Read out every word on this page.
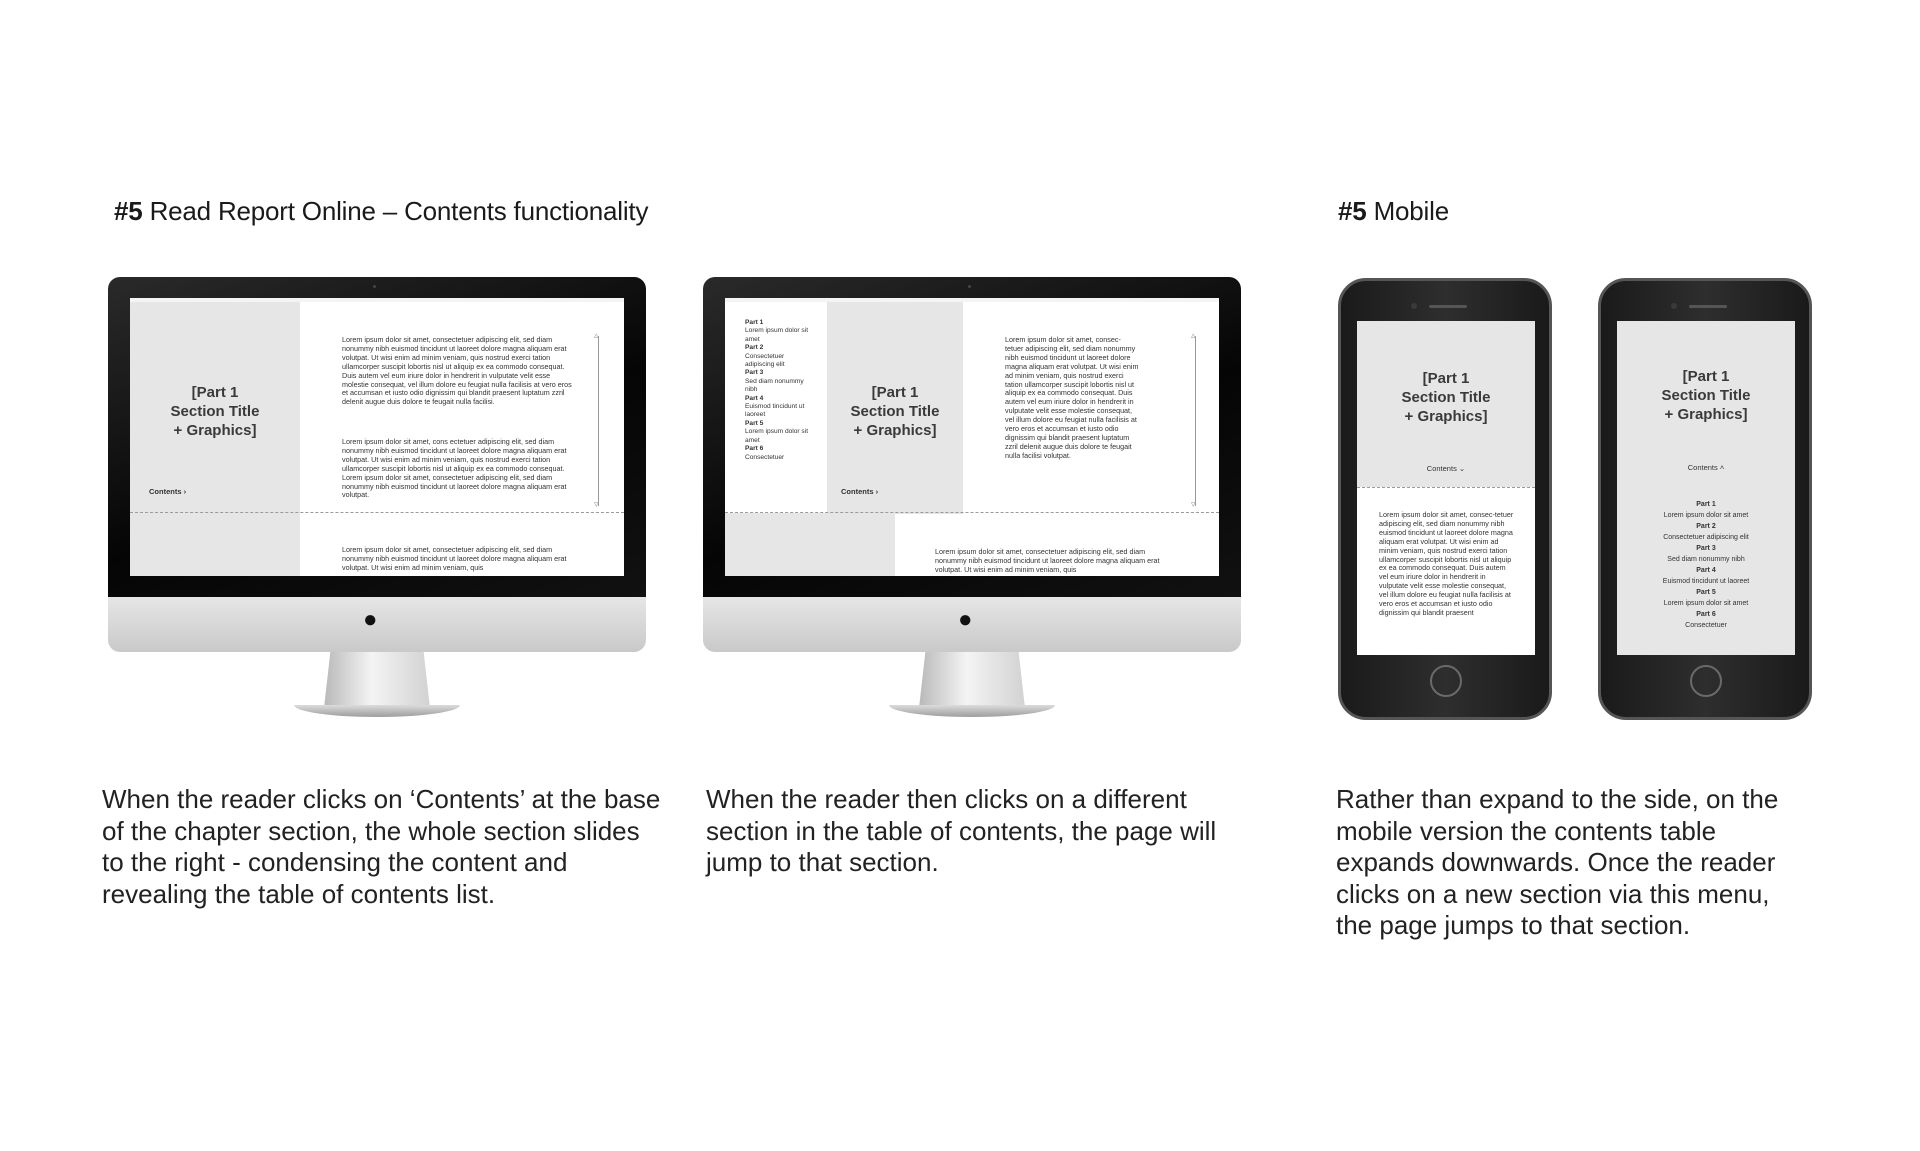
#5 Read Report Online – Contents functionality	#5 Mobile
[Part 1
Section Title
+ Graphics]
Contents ›
Lorem ipsum dolor sit amet, consectetuer adipiscing elit, sed diam nonummy nibh euismod tincidunt ut laoreet dolore magna aliquam erat volutpat. Ut wisi enim ad minim veniam, quis nostrud exerci tation ullamcorper suscipit lobortis nisl ut aliquip ex ea commodo consequat. Duis autem vel eum iriure dolor in hendrerit in vulputate velit esse molestie consequat, vel illum dolore eu feugiat nulla facilisis at vero eros et accumsan et iusto odio dignissim qui blandit praesent luptatum zzril delenit augue duis dolore te feugait nulla facilisi.
Lorem ipsum dolor sit amet, cons ectetuer adipiscing elit, sed diam nonummy nibh euismod tincidunt ut laoreet dolore magna aliquam erat volutpat. Ut wisi enim ad minim veniam, quis nostrud exerci tation ullamcorper suscipit lobortis nisl ut aliquip ex ea commodo consequat. Lorem ipsum dolor sit amet, consectetuer adipiscing elit, sed diam nonummy nibh euismod tincidunt ut laoreet dolore magna aliquam erat volutpat.
▵
▿
Lorem ipsum dolor sit amet, consectetuer adipiscing elit, sed diam nonummy nibh euismod tincidunt ut laoreet dolore magna aliquam erat volutpat. Ut wisi enim ad minim veniam, quis
●
Part 1
Lorem ipsum dolor sit amet
Part 2
Consectetuer adipiscing elit
Part 3
Sed diam nonummy nibh
Part 4
Euismod tincidunt ut laoreet
Part 5
Lorem ipsum dolor sit amet
Part 6
Consectetuer
[Part 1
Section Title
+ Graphics]
Contents ›
Lorem ipsum dolor sit amet, consec-tetuer adipiscing elit, sed diam nonummy nibh euismod tincidunt ut laoreet dolore magna aliquam erat volutpat. Ut wisi enim ad minim veniam, quis nostrud exerci tation ullamcorper suscipit lobortis nisl ut aliquip ex ea commodo consequat. Duis autem vel eum iriure dolor in hendrerit in vulputate velit esse molestie consequat, vel illum dolore eu feugiat nulla facilisis at vero eros et accumsan et iusto odio dignissim qui blandit praesent luptatum zzril delenit augue duis dolore te feugait nulla facilisi volutpat.
▵
▿
Lorem ipsum dolor sit amet, consectetuer adipiscing elit, sed diam nonummy nibh euismod tincidunt ut laoreet dolore magna aliquam erat volutpat. Ut wisi enim ad minim veniam, quis
●
[Part 1
Section Title
+ Graphics]
Contents ⌄
Lorem ipsum dolor sit amet, consec-tetuer adipiscing elit, sed diam nonummy nibh euismod tincidunt ut laoreet dolore magna aliquam erat volutpat. Ut wisi enim ad minim veniam, quis nostrud exerci tation ullamcorper suscipit lobortis nisl ut aliquip ex ea commodo consequat. Duis autem vel eum iriure dolor in hendrerit in vulputate velit esse molestie consequat, vel illum dolore eu feugiat nulla facilisis at vero eros et accumsan et iusto odio dignissim qui blandit praesent
[Part 1
Section Title
+ Graphics]
Contents ˄
Part 1
Lorem ipsum dolor sit amet
Part 2
Consectetuer adipiscing elit
Part 3
Sed diam nonummy nibh
Part 4
Euismod tincidunt ut laoreet
Part 5
Lorem ipsum dolor sit amet
Part 6
Consectetuer
When the reader clicks on ‘Contents’ at the base of the chapter section, the whole section slides to the right - condensing the content and revealing the table of contents list.
When the reader then clicks on a different section in the table of contents, the page will jump to that section.
Rather than expand to the side, on the mobile version the contents table expands downwards. Once the reader clicks on a new section via this menu, the page jumps to that section.
